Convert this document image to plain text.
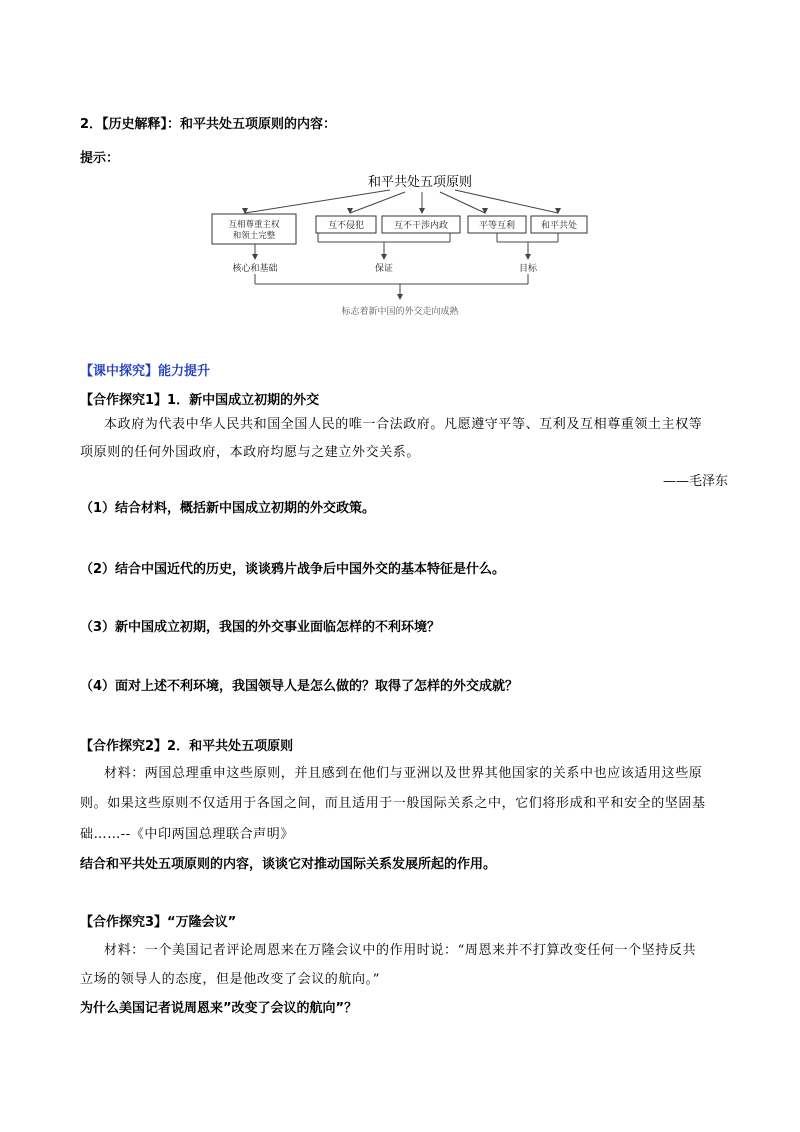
2．【历史解释】：和平共处五项原则的内容：
提示：
和平共处五项原则
互相尊重主权和领土完整
互不侵犯	互不干涉内政	平等互利	和平共处
核心和基础	保证	目标
标志着新中国的外交走向成熟
【课中探究】能力提升
【合作探究1】1．新中国成立初期的外交
本政府为代表中华人民共和国全国人民的唯一合法政府。凡愿遵守平等、互利及互相尊重领土主权等
项原则的任何外国政府，本政府均愿与之建立外交关系。
——毛泽东
（1）结合材料，概括新中国成立初期的外交政策。
（2）结合中国近代的历史，谈谈鸦片战争后中国外交的基本特征是什么。
（3）新中国成立初期，我国的外交事业面临怎样的不利环境？
（4）面对上述不利环境，我国领导人是怎么做的？取得了怎样的外交成就？
【合作探究2】2．和平共处五项原则
材料：两国总理重申这些原则，并且感到在他们与亚洲以及世界其他国家的关系中也应该适用这些原
则。如果这些原则不仅适用于各国之间，而且适用于一般国际关系之中，它们将形成和平和安全的坚固基
础……--《中印两国总理联合声明》
结合和平共处五项原则的内容，谈谈它对推动国际关系发展所起的作用。
【合作探究3】“万隆会议”
材料：一个美国记者评论周恩来在万隆会议中的作用时说：“周恩来并不打算改变任何一个坚持反共
立场的领导人的态度，但是他改变了会议的航向。”
为什么美国记者说周恩来”改变了会议的航向”？
